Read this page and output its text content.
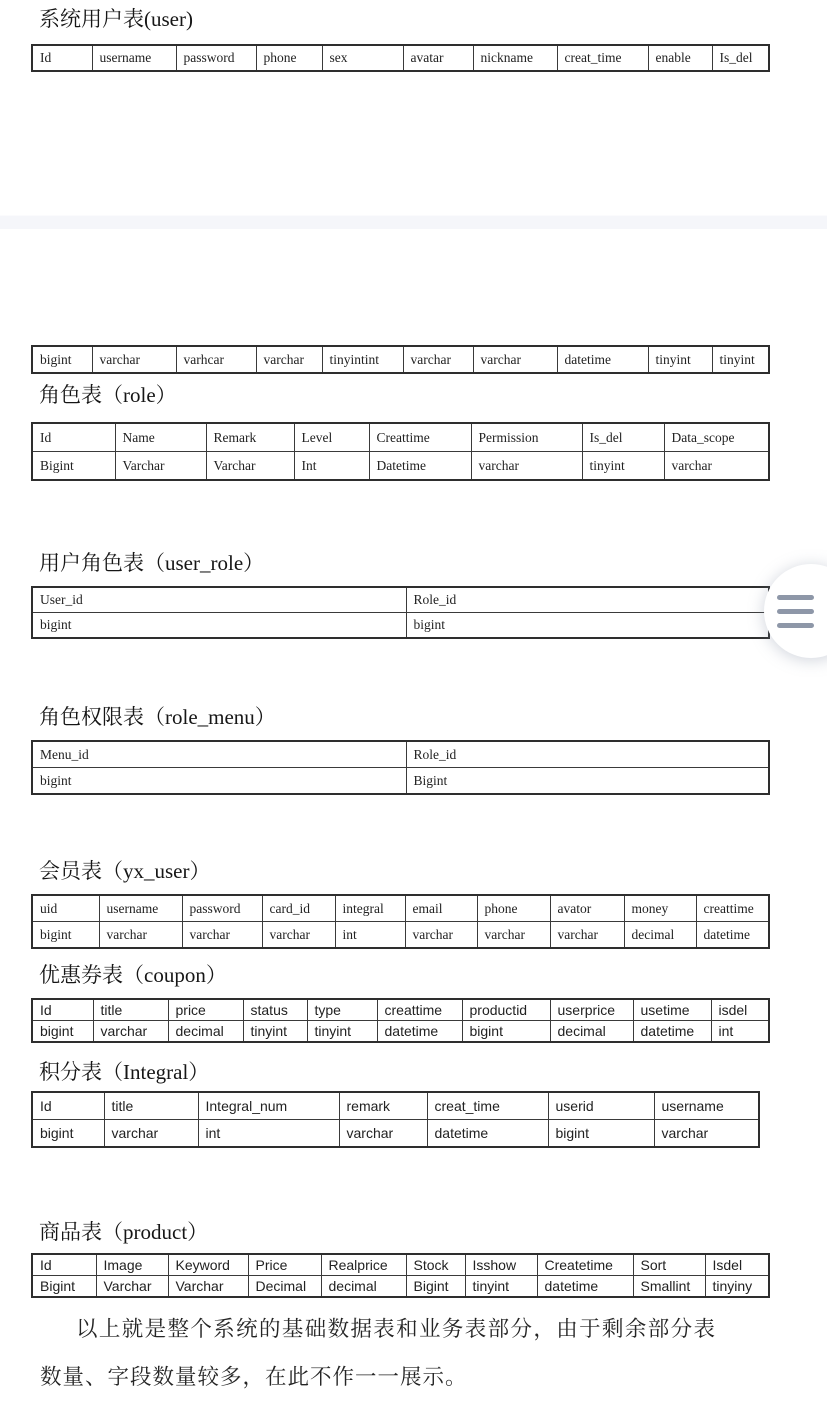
系统用户表(user)
Id	username	password	phone	sex	avatar	nickname	creat_time	enable	Is_del
bigint	varchar	varhcar	varchar	tinyintint	varchar	varchar	datetime	tinyint	tinyint
角色表（role）
Id	Name	Remark	Level	Creattime	Permission	Is_del	Data_scope
Bigint	Varchar	Varchar	Int	Datetime	varchar	tinyint	varchar
用户角色表（user_role）
User_id	Role_id
bigint	bigint
角色权限表（role_menu）
Menu_id	Role_id
bigint	Bigint
会员表（yx_user）
uid	username	password	card_id	integral	email	phone	avator	money	creattime
bigint	varchar	varchar	varchar	int	varchar	varchar	varchar	decimal	datetime
优惠券表（coupon）
Id	title	price	status	type	creattime	productid	userprice	usetime	isdel
bigint	varchar	decimal	tinyint	tinyint	datetime	bigint	decimal	datetime	int
积分表（Integral）
Id	title	Integral_num	remark	creat_time	userid	username
bigint	varchar	int	varchar	datetime	bigint	varchar
商品表（product）
Id	Image	Keyword	Price	Realprice	Stock	Isshow	Createtime	Sort	Isdel
Bigint	Varchar	Varchar	Decimal	decimal	Bigint	tinyint	datetime	Smallint	tinyiny

以上就是整个系统的基础数据表和业务表部分，由于剩余部分表数量、字段数量较多，在此不作一一展示。
